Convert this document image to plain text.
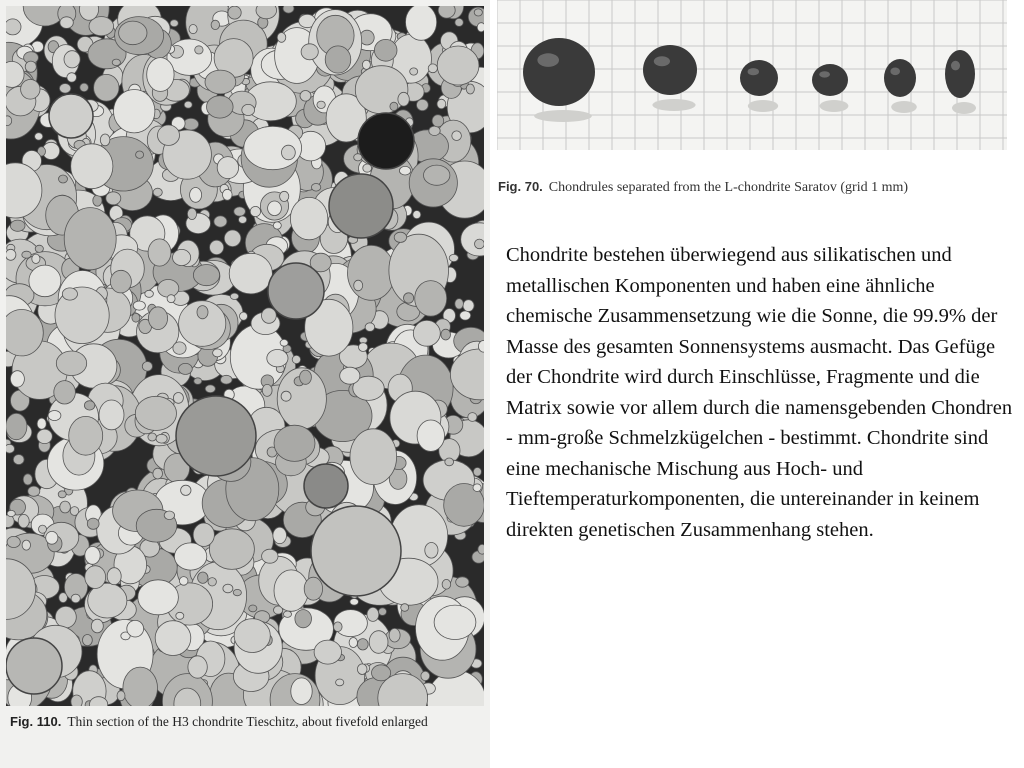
Fig. 110. Thin section of the H3 chondrite Tieschitz, about fivefold enlarged
Fig. 70. Chondrules separated from the L-chondrite Saratov (grid 1 mm)

Chondrite bestehen überwiegend aus silikatischen und metallischen Komponenten und haben eine ähnliche chemische Zusammensetzung wie die Sonne, die 99.9% der Masse des gesamten Sonnensystems ausmacht. Das Gefüge der Chondrite wird durch Einschlüsse, Fragmente und die Matrix sowie vor allem durch die namensgebenden Chondren - mm-große Schmelzkügelchen - bestimmt. Chondrite sind eine mechanische Mischung aus Hoch- und Tieftemperaturkomponenten, die untereinander in keinem direkten genetischen Zusammenhang stehen.
